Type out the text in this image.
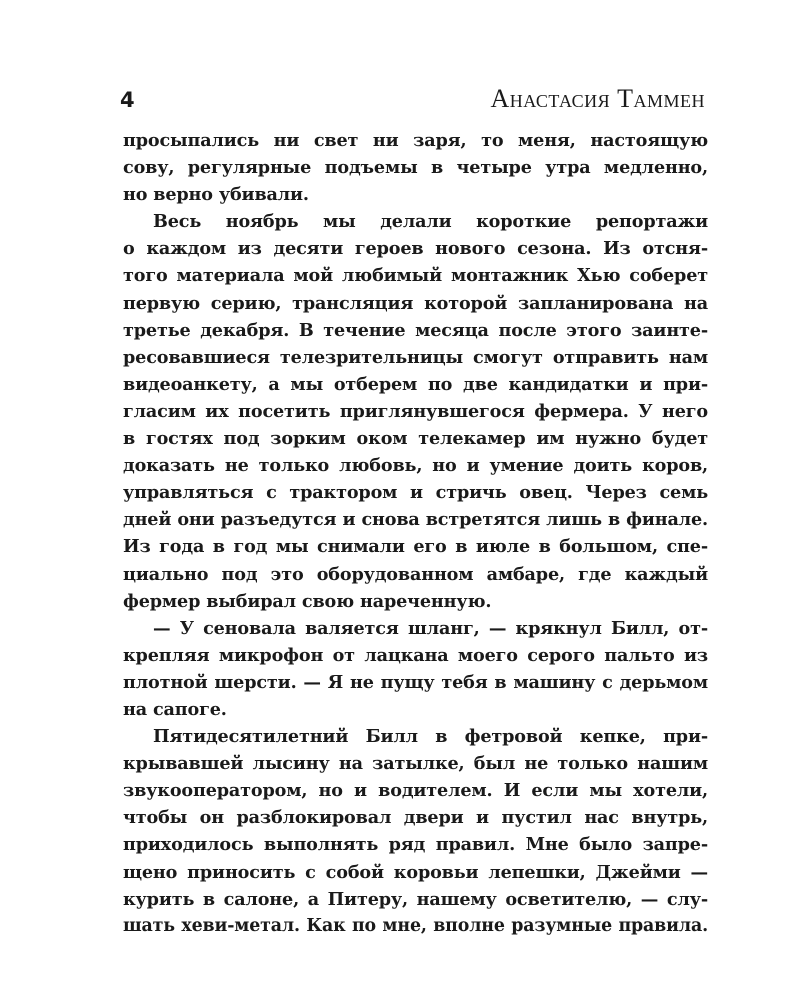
4	Анастасия Таммен

просыпались ни свет ни заря, то меня, настоящую
сову, регулярные подъемы в четыре утра медленно,
но верно убивали.
Весь ноябрь мы делали короткие репортажи
о каждом из десяти героев нового сезона. Из отсня-
того материала мой любимый монтажник Хью соберет
первую серию, трансляция которой запланирована на
третье декабря. В течение месяца после этого заинте-
ресовавшиеся телезрительницы смогут отправить нам
видеоанкету, а мы отберем по две кандидатки и при-
гласим их посетить приглянувшегося фермера. У него
в гостях под зорким оком телекамер им нужно будет
доказать не только любовь, но и умение доить коров,
управляться с трактором и стричь овец. Через семь
дней они разъедутся и снова встретятся лишь в финале.
Из года в год мы снимали его в июле в большом, спе-
циально под это оборудованном амбаре, где каждый
фермер выбирал свою нареченную.
— У сеновала валяется шланг, — крякнул Билл, от-
крепляя микрофон от лацкана моего серого пальто из
плотной шерсти. — Я не пущу тебя в машину с дерьмом
на сапоге.
Пятидесятилетний Билл в фетровой кепке, при-
крывавшей лысину на затылке, был не только нашим
звукооператором, но и водителем. И если мы хотели,
чтобы он разблокировал двери и пустил нас внутрь,
приходилось выполнять ряд правил. Мне было запре-
щено приносить с собой коровьи лепешки, Джейми —
курить в салоне, а Питеру, нашему осветителю, — слу-
шать хеви-метал. Как по мне, вполне разумные правила.
